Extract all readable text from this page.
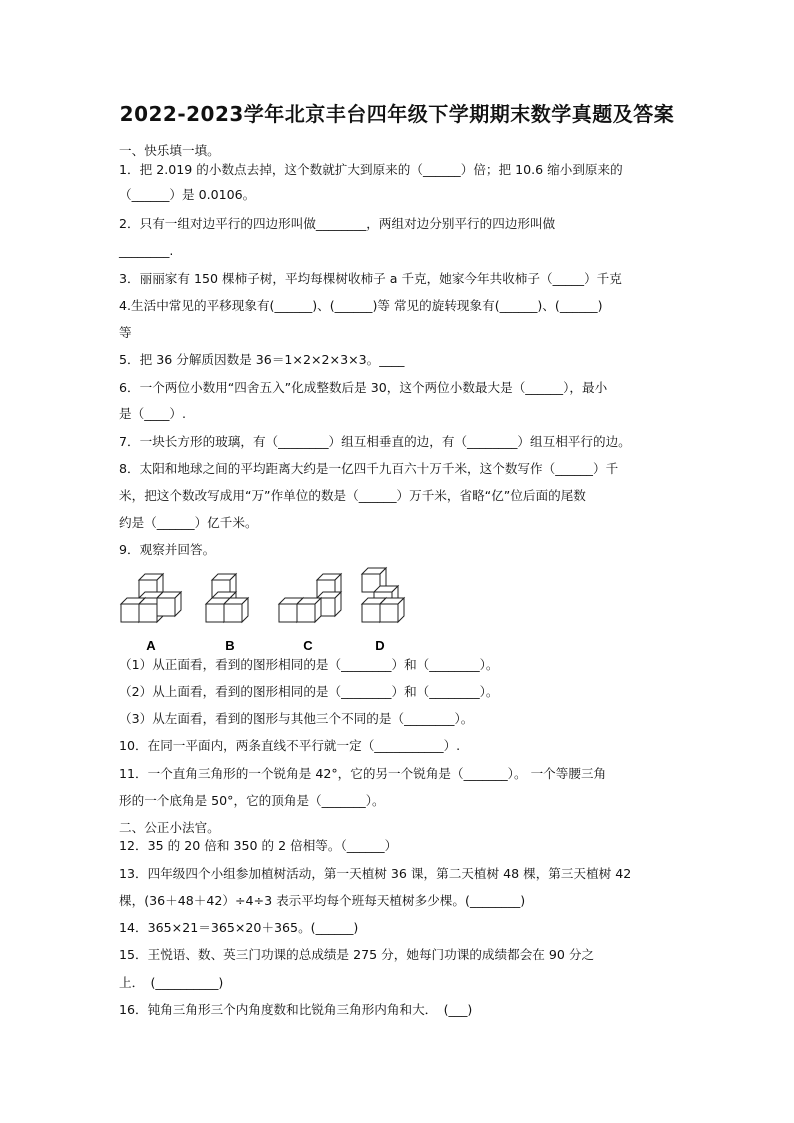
2022-2023学年北京丰台四年级下学期期末数学真题及答案
一、快乐填一填。
1．把 2.019 的小数点去掉，这个数就扩大到原来的（______）倍；把 10.6 缩小到原来的
（______）是 0.0106。
2．只有一组对边平行的四边形叫做________，两组对边分别平行的四边形叫做
________.
3．丽丽家有 150 棵柿子树，平均每棵树收柿子 a 千克，她家今年共收柿子（_____）千克
4.生活中常见的平移现象有(______)、(______)等 常见的旋转现象有(______)、(______)
等
5．把 36 分解质因数是 36＝1×2×2×3×3。____
6．一个两位小数用“四舍五入”化成整数后是 30，这个两位小数最大是（______），最小
是（____）.
7．一块长方形的玻璃，有（________）组互相垂直的边，有（________）组互相平行的边。
8．太阳和地球之间的平均距离大约是一亿四千九百六十万千米，这个数写作（______）千
米，把这个数改写成用“万”作单位的数是（______）万千米，省略“亿”位后面的尾数
约是（______）亿千米。
9．观察并回答。
A	B	C	D
（1）从正面看，看到的图形相同的是（________）和（________）。
（2）从上面看，看到的图形相同的是（________）和（________）。
（3）从左面看，看到的图形与其他三个不同的是（________）。
10．在同一平面内，两条直线不平行就一定（___________）.
11．一个直角三角形的一个锐角是 42°，它的另一个锐角是（_______）。 一个等腰三角
形的一个底角是 50°，它的顶角是（_______）。
二、公正小法官。
12．35 的 20 倍和 350 的 2 倍相等。（______）
13．四年级四个小组参加植树活动，第一天植树 36 课，第二天植树 48 棵，第三天植树 42
棵，(36＋48＋42）÷4÷3 表示平均每个班每天植树多少棵。(________)
14．365×21＝365×20＋365。(______)
15．王悦语、数、英三门功课的总成绩是 275 分，她每门功课的成绩都会在 90 分之
上．　(__________)
16．钝角三角形三个内角度数和比锐角三角形内角和大．　(___)
